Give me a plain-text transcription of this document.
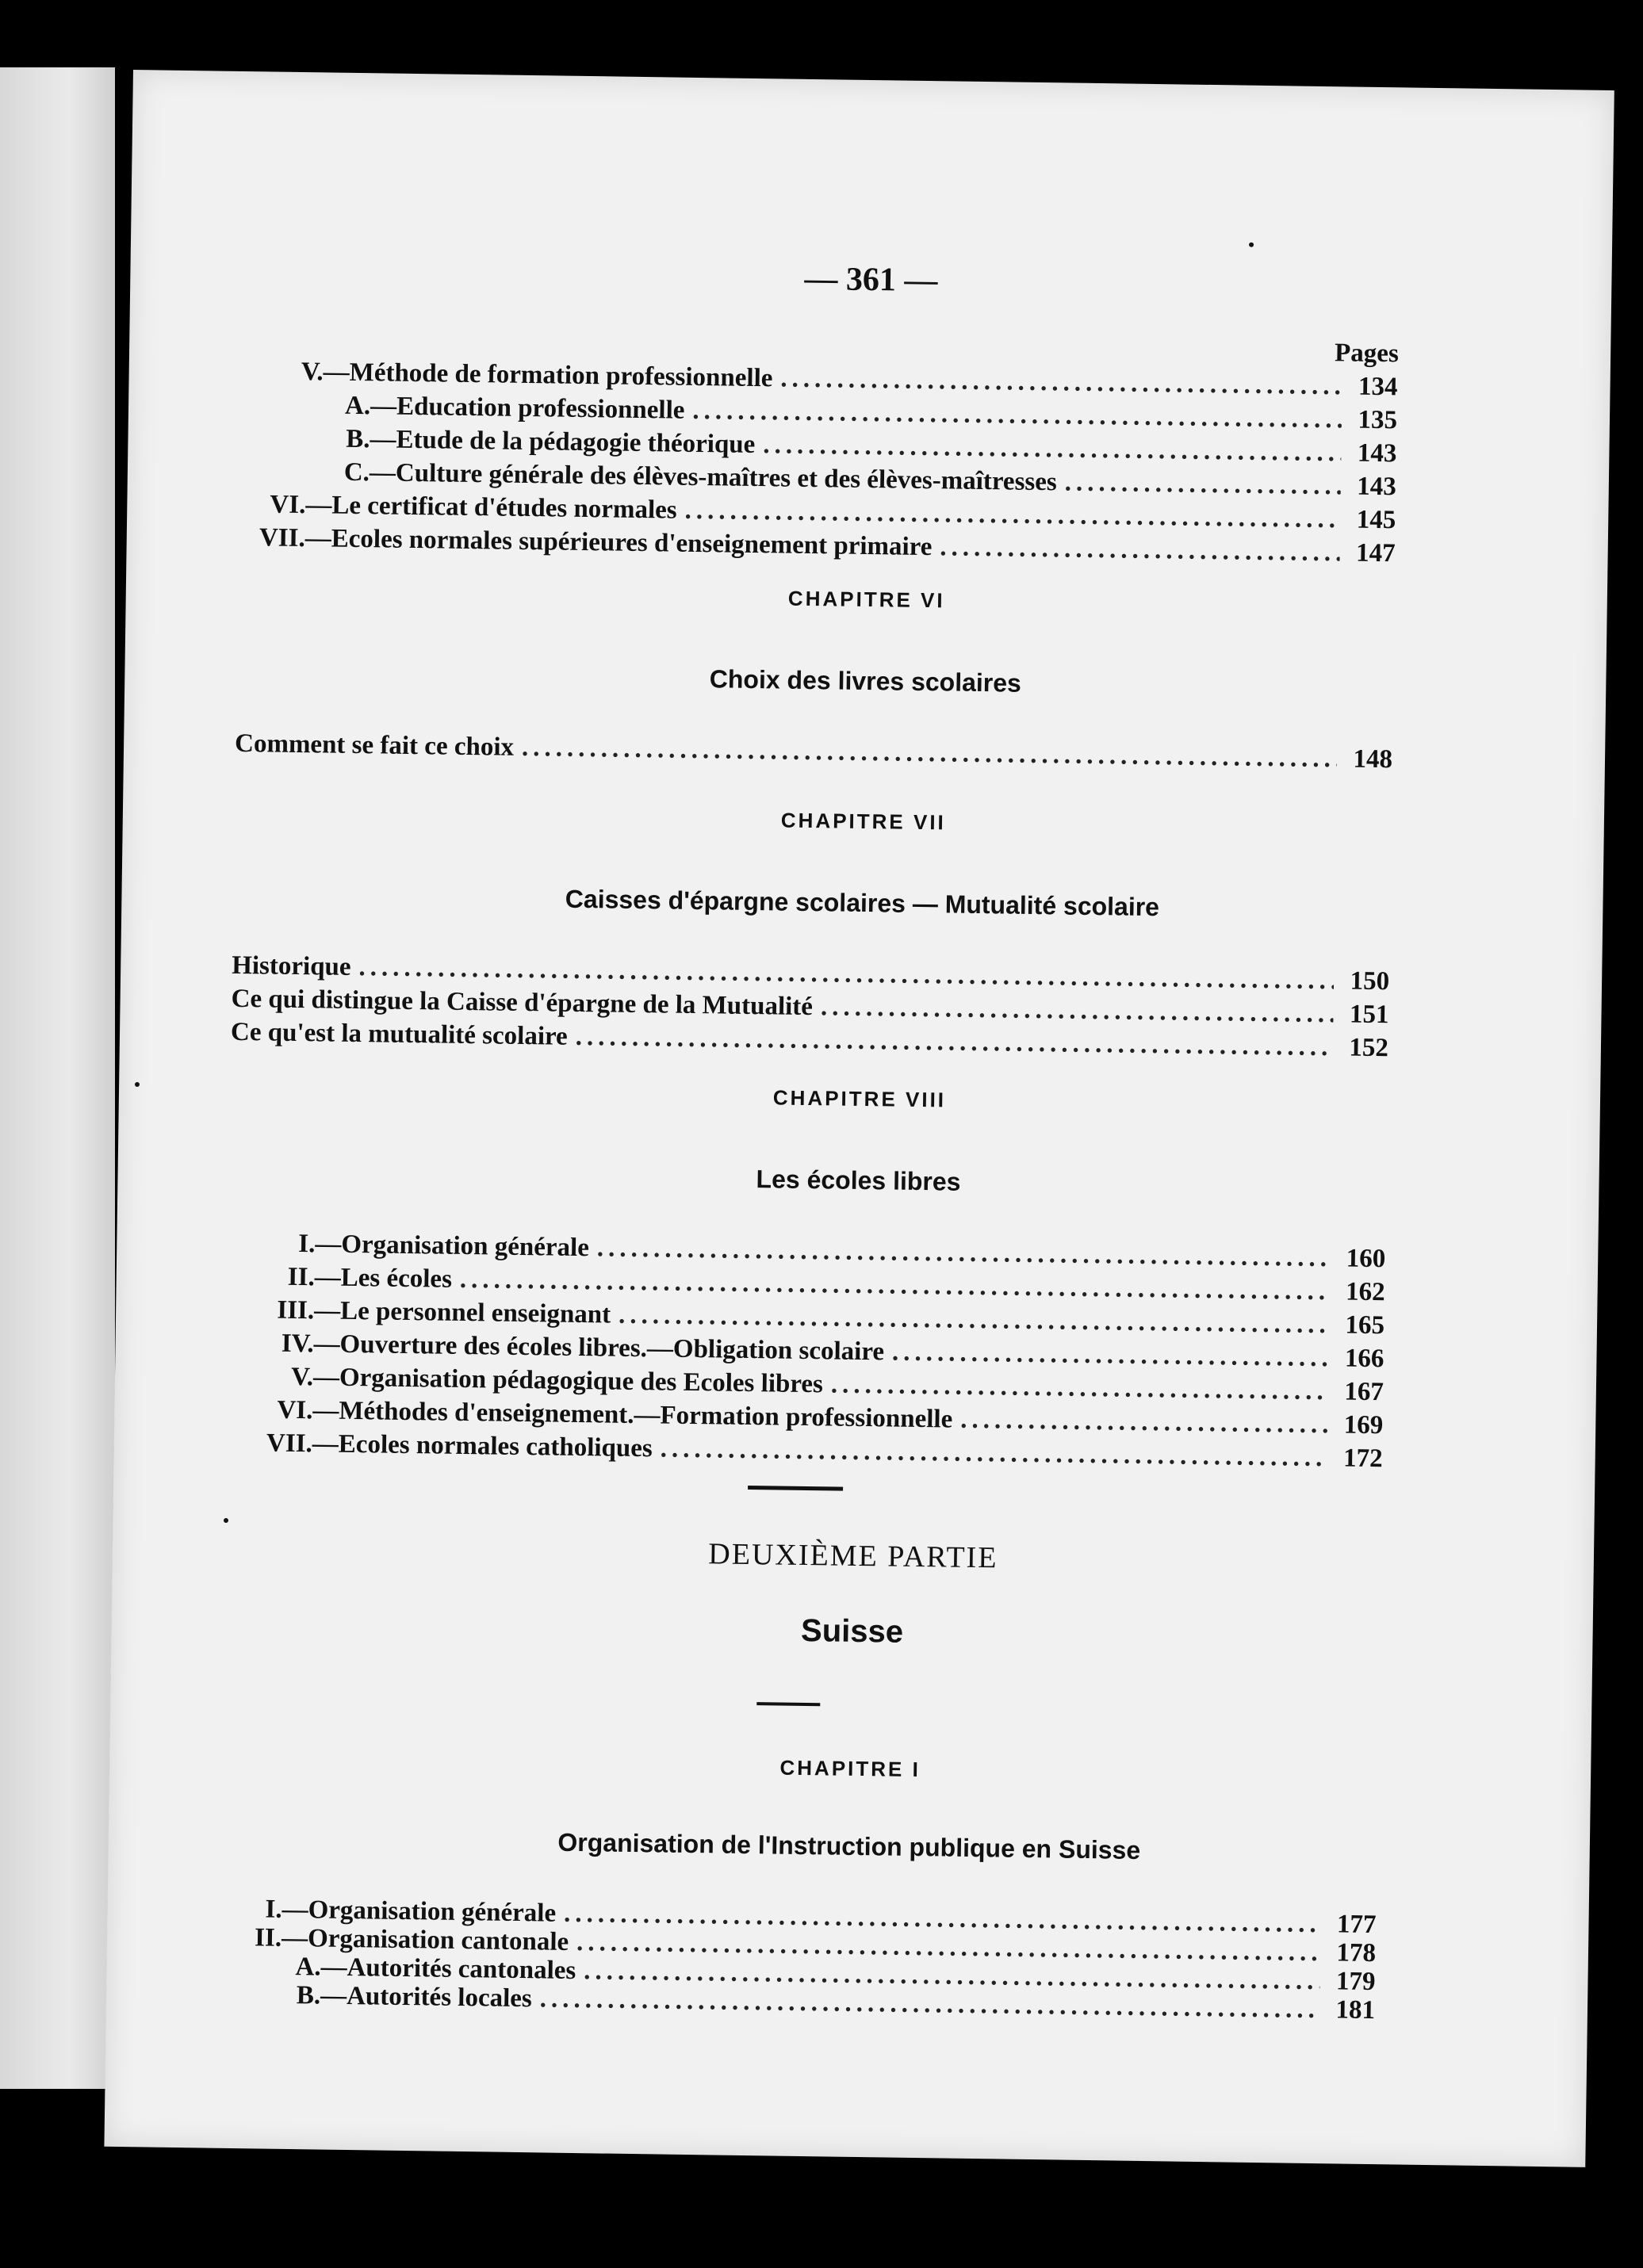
— 361 —
Pages
V. —Méthode de formation professionnelle .....	134
A. —Education professionnelle .....	135
B. —Etude de la pédagogie théorique .....	143
C. —Culture générale des élèves-maîtres et des élèves-maîtresses .....	143
VI. —Le certificat d'études normales .....	145
VII. —Ecoles normales supérieures d'enseignement primaire .....	147
CHAPITRE VI
Choix des livres scolaires
Comment se fait ce choix .....	148
CHAPITRE VII
Caisses d'épargne scolaires — Mutualité scolaire
Historique .....	150
Ce qui distingue la Caisse d'épargne de la Mutualité .....	151
Ce qu'est la mutualité scolaire .....	152
CHAPITRE VIII
Les écoles libres
I. —Organisation générale .....	160
II. —Les écoles .....	162
III. —Le personnel enseignant .....	165
IV. —Ouverture des écoles libres.—Obligation scolaire .....	166
V. —Organisation pédagogique des Ecoles libres .....	167
VI. —Méthodes d'enseignement.—Formation professionnelle .....	169
VII. —Ecoles normales catholiques .....	172
DEUXIÈME PARTIE
Suisse
CHAPITRE I
Organisation de l'Instruction publique en Suisse
I. —Organisation générale .....	177
II. —Organisation cantonale .....	178
A. —Autorités cantonales .....	179
B. —Autorités locales .....	181
